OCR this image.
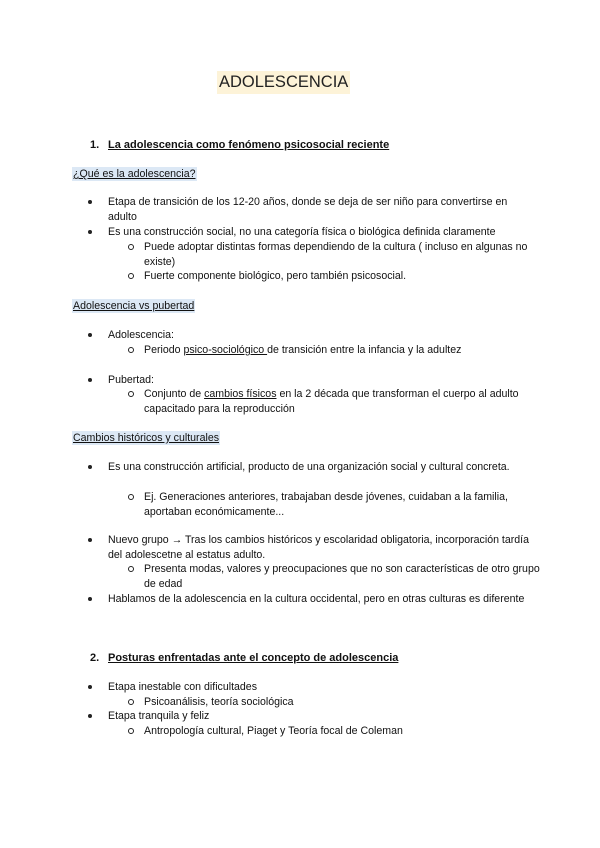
ADOLESCENCIA
1. La adolescencia como fenómeno psicosocial reciente
¿Qué es la adolescencia?
Etapa de transición de los 12-20 años, donde se deja de ser niño para convertirse en adulto
Es una construcción social, no una categoría física o biológica definida claramente
Puede adoptar distintas formas dependiendo de la cultura ( incluso en algunas no existe)
Fuerte componente biológico, pero también psicosocial.
Adolescencia vs pubertad
Adolescencia:
Periodo psico-sociológico de transición entre la infancia y la adultez
Pubertad:
Conjunto de cambios físicos en la 2 década que transforman el cuerpo al adulto capacitado para la reproducción
Cambios históricos y culturales
Es una construcción artificial, producto de una organización social y cultural concreta.
Ej. Generaciones anteriores, trabajaban desde jóvenes, cuidaban a la familia, aportaban económicamente...
Nuevo grupo → Tras los cambios históricos y escolaridad obligatoria, incorporación tardía del adolescetne al estatus adulto.
Presenta modas, valores y preocupaciones que no son características de otro grupo de edad
Hablamos de la adolescencia en la cultura occidental, pero en otras culturas es diferente
2. Posturas enfrentadas ante el concepto de adolescencia
Etapa inestable con dificultades
Psicoanálisis, teoría sociológica
Etapa tranquila y feliz
Antropología cultural, Piaget y Teoría focal de Coleman
